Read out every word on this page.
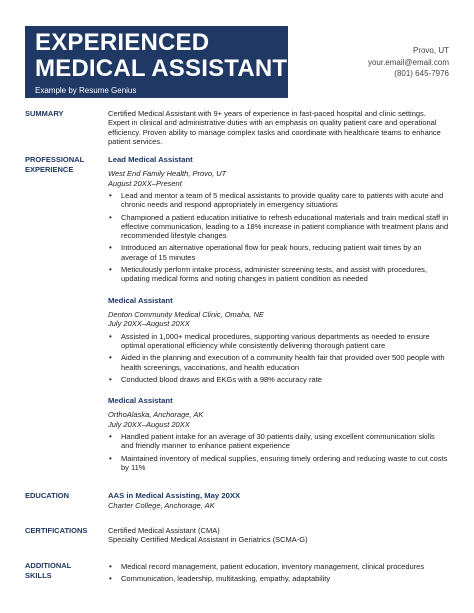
EXPERIENCED
MEDICAL ASSISTANT
Example by Resume Genius
Provo, UT
your.email@email.com
(801) 645-7976
SUMMARY	Certified Medical Assistant with 9+ years of experience in fast-paced hospital and clinic settings. Expert in clinical and administrative duties with an emphasis on quality patient care and operational efficiency. Proven ability to manage complex tasks and coordinate with healthcare teams to enhance patient services.
PROFESSIONAL
EXPERIENCE
Lead Medical Assistant
West End Family Health, Provo, UT
August 20XX–Present
• Lead and mentor a team of 5 medical assistants to provide quality care to patients with acute and chronic needs and respond appropriately in emergency situations
• Championed a patient education initiative to refresh educational materials and train medical staff in effective communication, leading to a 18% increase in patient compliance with treatment plans and recommended lifestyle changes
• Introduced an alternative operational flow for peak hours, reducing patient wait times by an average of 15 minutes
• Meticulously perform intake process, administer screening tests, and assist with procedures, updating medical forms and noting changes in patient condition as needed
Medical Assistant
Denton Community Medical Clinic, Omaha, NE
July 20XX–August 20XX
• Assisted in 1,000+ medical procedures, supporting various departments as needed to ensure optimal operational efficiency while consistently delivering thorough patient care
• Aided in the planning and execution of a community health fair that provided over 500 people with health screenings, vaccinations, and health education
• Conducted blood draws and EKGs with a 98% accuracy rate
Medical Assistant
OrthoAlaska, Anchorage, AK
July 20XX–August 20XX
• Handled patient intake for an average of 30 patients daily, using excellent communication skills and friendly manner to enhance patient experience
• Maintained inventory of medical supplies, ensuring timely ordering and reducing waste to cut costs by 11%
EDUCATION	AAS in Medical Assisting, May 20XX
Charter College, Anchorage, AK
CERTIFICATIONS	Certified Medical Assistant (CMA)
Specialty Certified Medical Assistant in Geriatrics (SCMA-G)
ADDITIONAL
SKILLS
• Medical record management, patient education, inventory management, clinical procedures
• Communication, leadership, multitasking, empathy, adaptability
